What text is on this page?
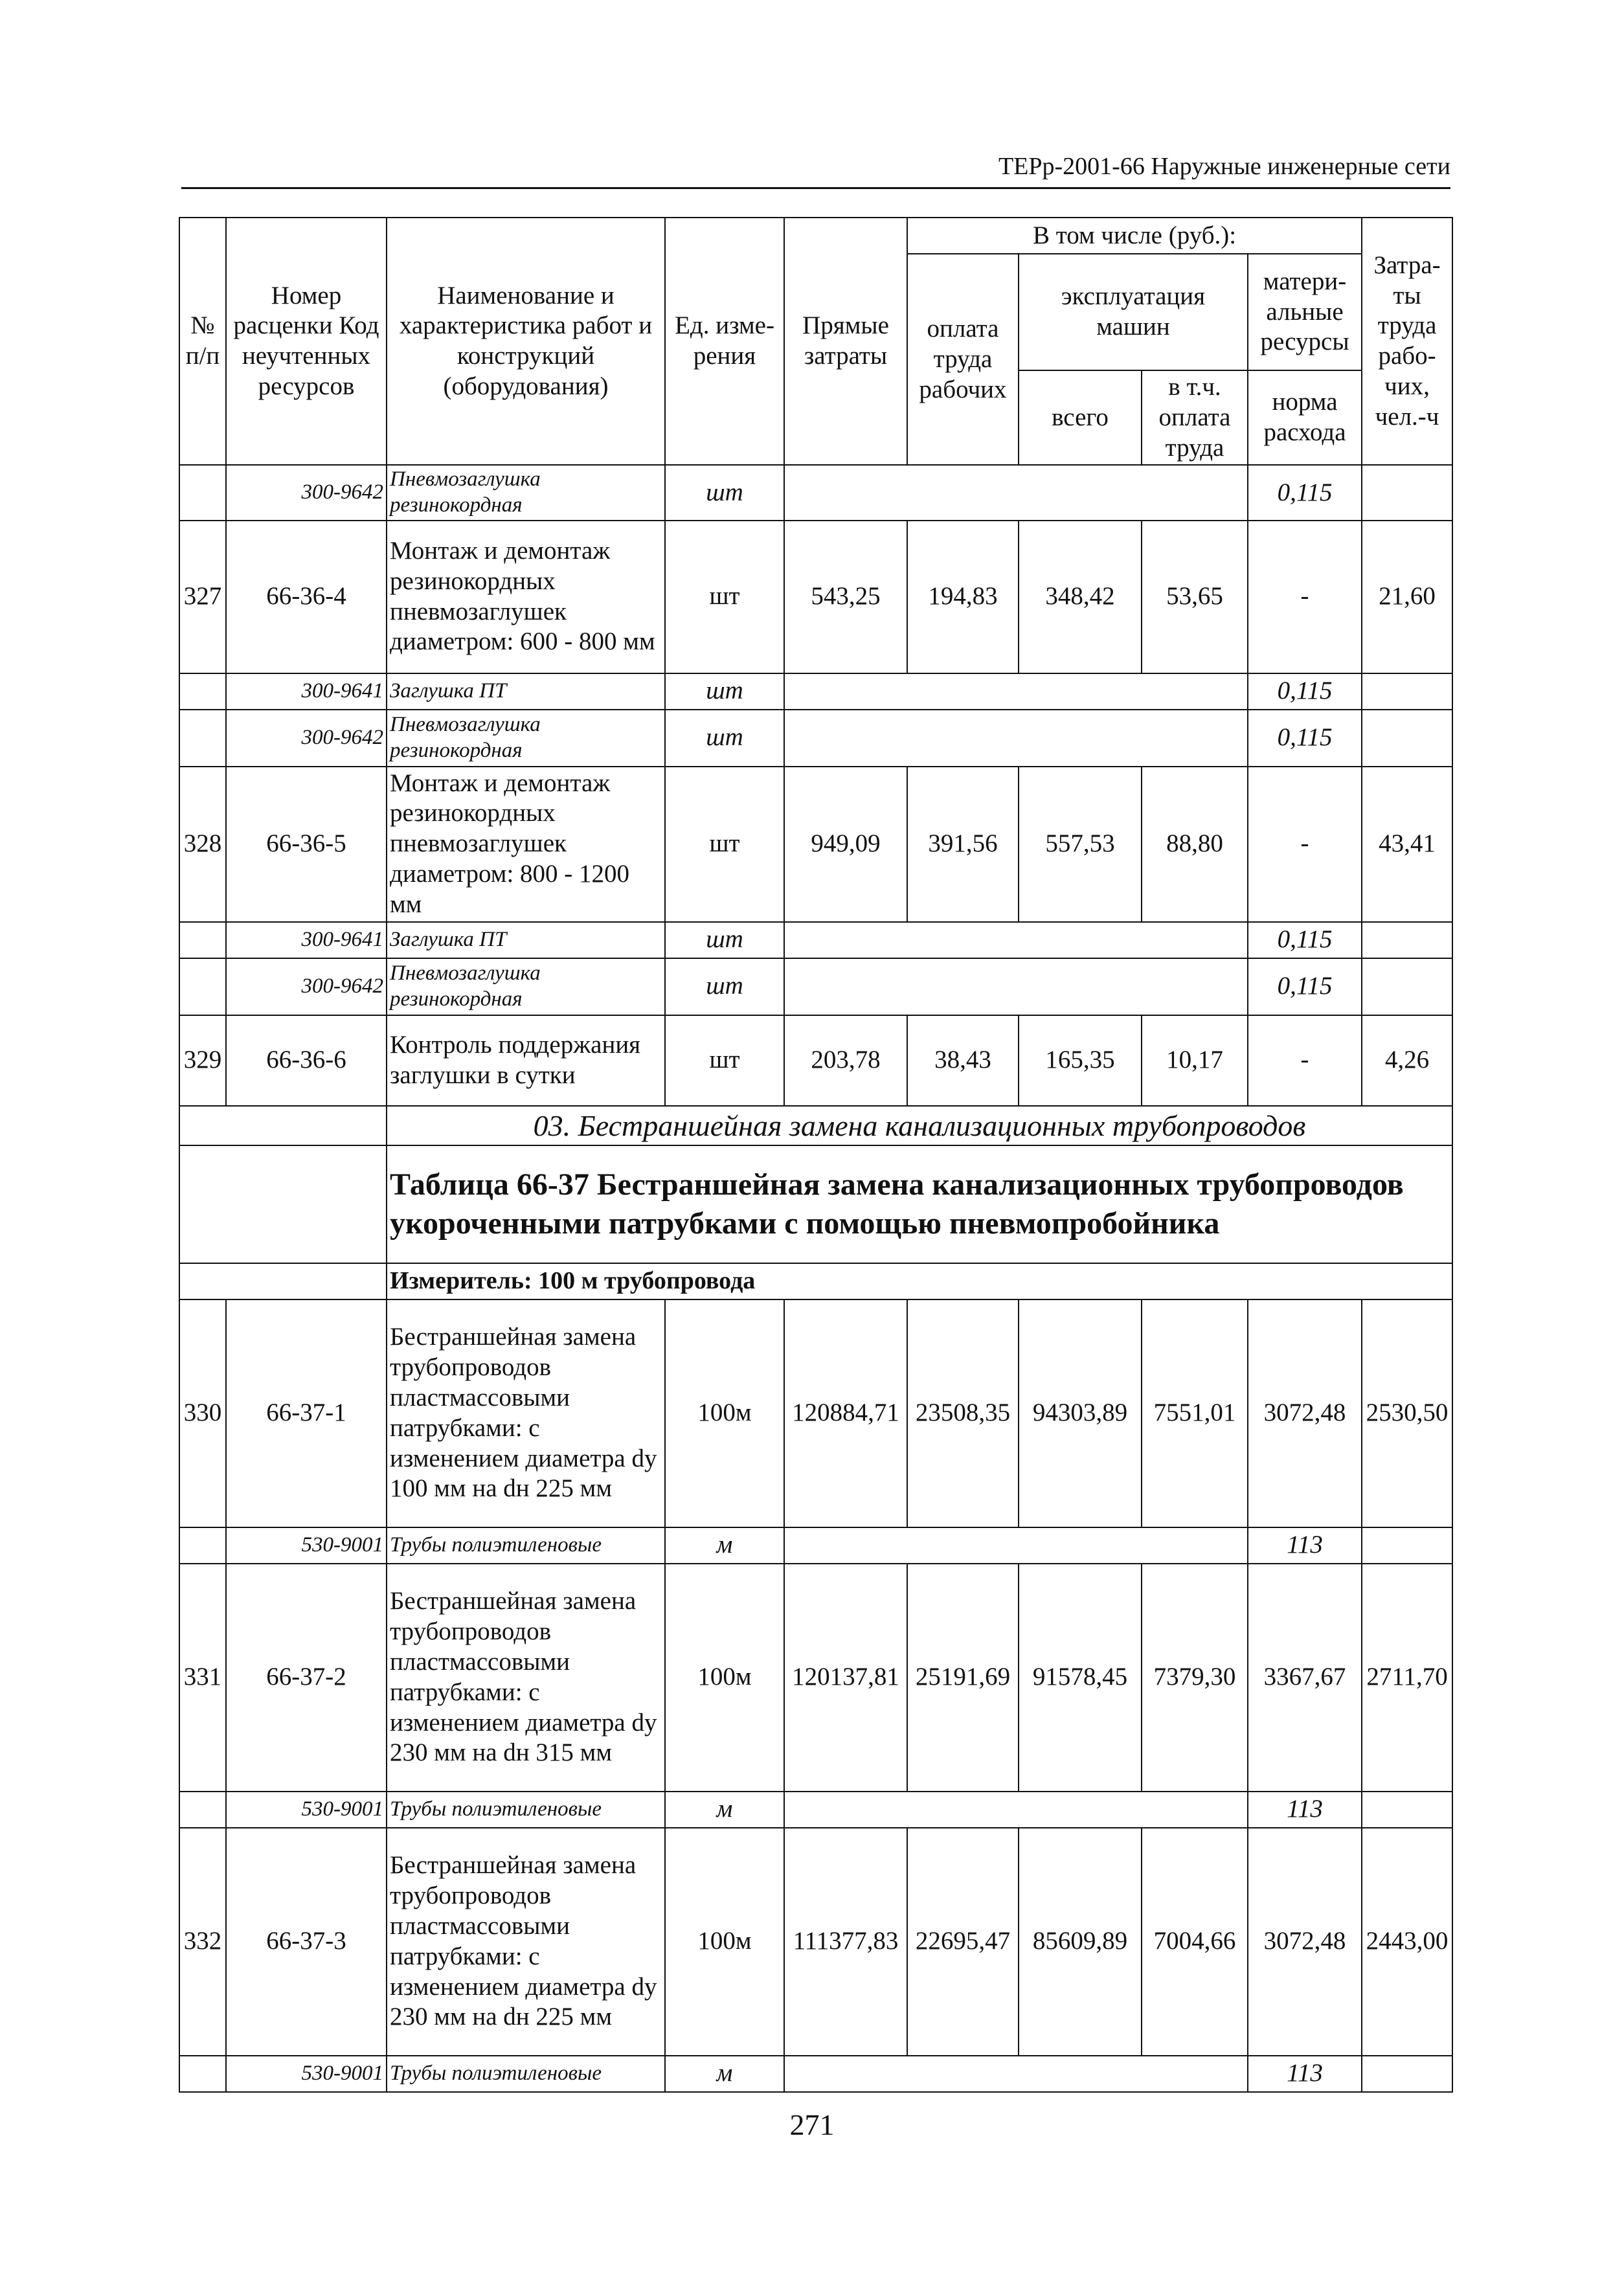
ТЕРр-2001-66 Наружные инженерные сети
№ п/п	Номер расценки Код неучтенных ресурсов	Наименование и характеристика работ и конструкций (оборудования)	Ед. изме-рения	Прямые затраты	В том числе (руб.):				Затра-ты труда рабо-чих, чел.-ч
					оплата труда рабочих	эксплуатация машин		матери-альные ресурсы	
						всего	в т.ч. оплата труда	норма расхода	

	300-9642	Пневмозаглушка резинокордная	шт					0,115	
327	66-36-4	Монтаж и демонтаж резинокордных пневмозаглушек диаметром: 600 - 800 мм	шт	543,25	194,83	348,42	53,65	-	21,60
	300-9641	Заглушка ПТ	шт					0,115	
	300-9642	Пневмозаглушка резинокордная	шт					0,115	
328	66-36-5	Монтаж и демонтаж резинокордных пневмозаглушек диаметром: 800 - 1200 мм	шт	949,09	391,56	557,53	88,80	-	43,41
	300-9641	Заглушка ПТ	шт					0,115	
	300-9642	Пневмозаглушка резинокордная	шт					0,115	
329	66-36-6	Контроль поддержания заглушки в сутки	шт	203,78	38,43	165,35	10,17	-	4,26
		03. Бестраншейная замена канализационных трубопроводов							
		Таблица 66-37 Бестраншейная замена канализационных трубопроводов укороченными патрубками с помощью пневмопробойника							
		Измеритель: 100 м трубопровода							
330	66-37-1	Бестраншейная замена трубопроводов пластмассовыми патрубками: с изменением диаметра dy 100 мм на dн 225 мм	100м	120884,71	23508,35	94303,89	7551,01	3072,48	2530,50
	530-9001	Трубы полиэтиленовые	м					113	
331	66-37-2	Бестраншейная замена трубопроводов пластмассовыми патрубками: с изменением диаметра dy 230 мм на dн 315 мм	100м	120137,81	25191,69	91578,45	7379,30	3367,67	2711,70
	530-9001	Трубы полиэтиленовые	м					113	
332	66-37-3	Бестраншейная замена трубопроводов пластмассовыми патрубками: с изменением диаметра dy 230 мм на dн 225 мм	100м	111377,83	22695,47	85609,89	7004,66	3072,48	2443,00
	530-9001	Трубы полиэтиленовые	м					113	
271
